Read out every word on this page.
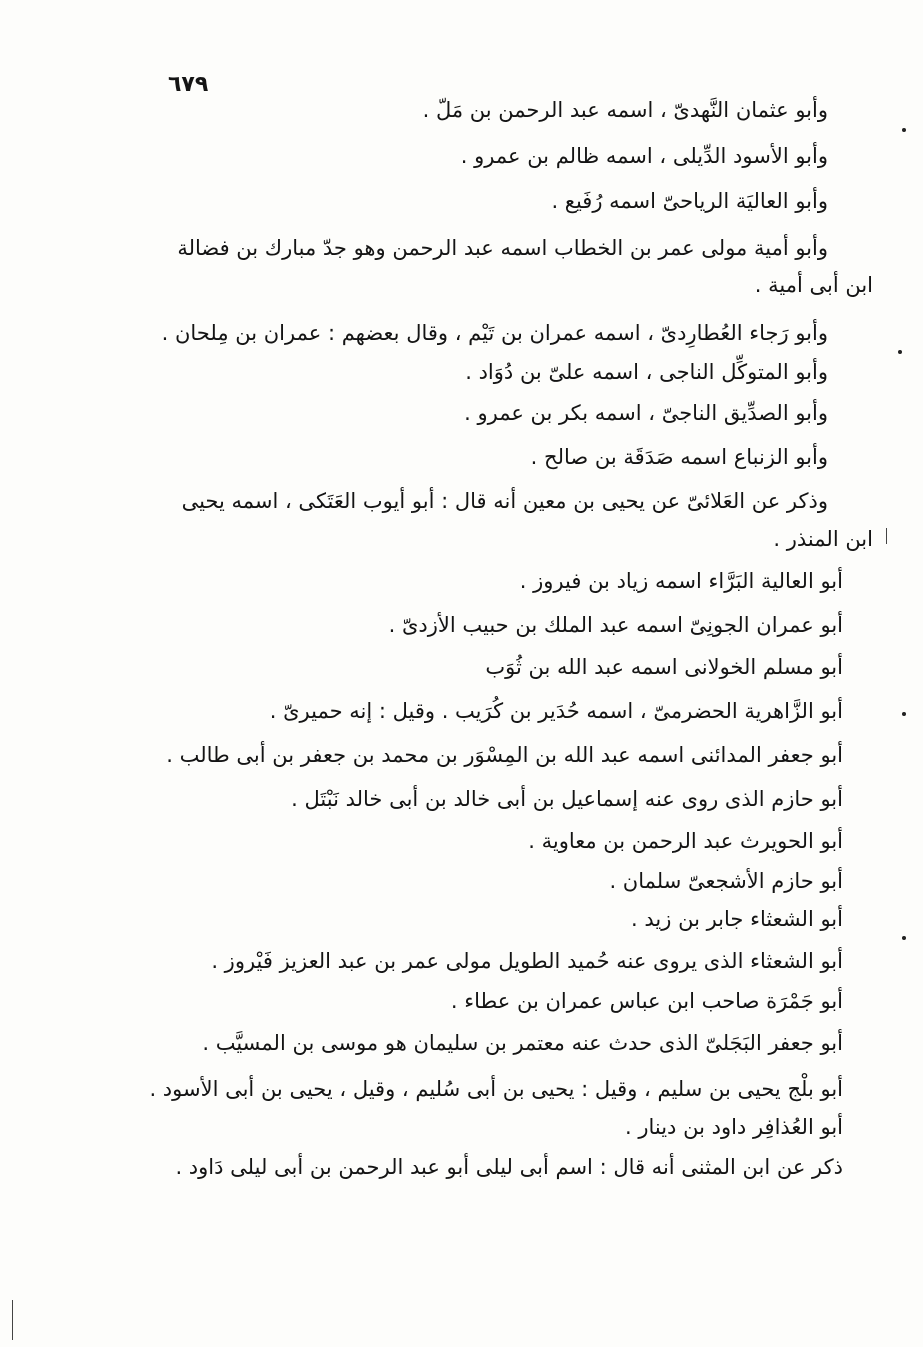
٦٧٩
وأبو عثمان النَّهدىّ ، اسمه عبد الرحمن بن مَلّ .
وأبو الأسود الدِّيلى ، اسمه ظالم بن عمرو .
وأبو العاليَة الرياحىّ اسمه رُفَيع .
وأبو أمية مولى عمر بن الخطاب اسمه عبد الرحمن وهو جدّ مبارك بن فضالة
ابن أبى أمية .
وأبو رَجاء العُطارِدىّ ، اسمه عمران بن تَيْم ، وقال بعضهم : عمران بن مِلحان .
وأبو المتوكِّل الناجى ، اسمه علىّ بن دُوَاد .
وأبو الصدِّيق الناجىّ ، اسمه بكر بن عمرو .
وأبو الزنباع اسمه صَدَقَة بن صالح .
وذكر عن العَلائىّ عن يحيى بن معين أنه قال : أبو أيوب العَتَكى ، اسمه يحيى
ابن المنذر .
أبو العالية البَرَّاء اسمه زياد بن فيروز .
أبو عمران الجونِىّ اسمه عبد الملك بن حبيب الأزدىّ .
أبو مسلم الخولانى اسمه عبد الله بن ثُوَب
أبو الزَّاهرية الحضرمىّ ، اسمه حُدَير بن كُرَيب . وقيل : إنه حميرىّ .
أبو جعفر المدائنى اسمه عبد الله بن المِسْوَر بن محمد بن جعفر بن أبى طالب .
أبو حازم الذى روى عنه إسماعيل بن أبى خالد بن أبى خالد نَبْتَل .
أبو الحويرث عبد الرحمن بن معاوية .
أبو حازم الأشجعىّ سلمان .
أبو الشعثاء جابر بن زيد .
أبو الشعثاء الذى يروى عنه حُميد الطويل مولى عمر بن عبد العزيز فَيْروز .
أبو جَمْرَة صاحب ابن عباس عمران بن عطاء .
أبو جعفر البَجَلىّ الذى حدث عنه معتمر بن سليمان هو موسى بن المسيَّب .
أبو بلْج يحيى بن سليم ، وقيل : يحيى بن أبى سُليم ، وقيل ، يحيى بن أبى الأسود .
أبو العُذافِر داود بن دينار .
ذكر عن ابن المثنى أنه قال : اسم أبى ليلى أبو عبد الرحمن بن أبى ليلى دَاود .
